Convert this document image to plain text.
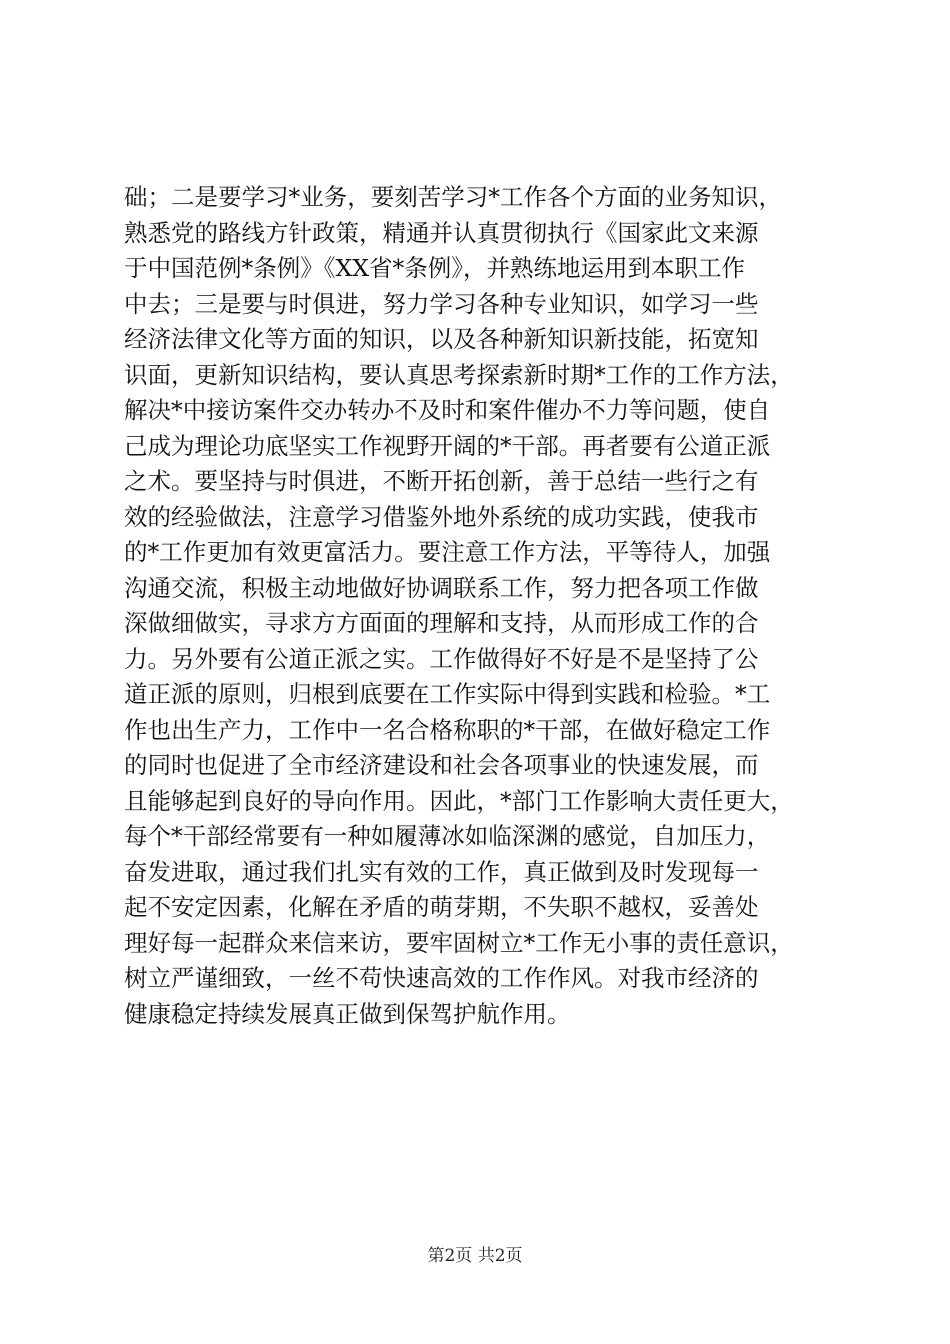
础；二是要学习*业务，要刻苦学习*工作各个方面的业务知识，
熟悉党的路线方针政策，精通并认真贯彻执行《国家此文来源
于中国范例*条例》《XX省*条例》，并熟练地运用到本职工作
中去；三是要与时俱进，努力学习各种专业知识，如学习一些
经济法律文化等方面的知识，以及各种新知识新技能，拓宽知
识面，更新知识结构，要认真思考探索新时期*工作的工作方法，
解决*中接访案件交办转办不及时和案件催办不力等问题，使自
己成为理论功底坚实工作视野开阔的*干部。再者要有公道正派
之术。要坚持与时俱进，不断开拓创新，善于总结一些行之有
效的经验做法，注意学习借鉴外地外系统的成功实践，使我市
的*工作更加有效更富活力。要注意工作方法，平等待人，加强
沟通交流，积极主动地做好协调联系工作，努力把各项工作做
深做细做实，寻求方方面面的理解和支持，从而形成工作的合
力。另外要有公道正派之实。工作做得好不好是不是坚持了公
道正派的原则，归根到底要在工作实际中得到实践和检验。*工
作也出生产力，工作中一名合格称职的*干部，在做好稳定工作
的同时也促进了全市经济建设和社会各项事业的快速发展，而
且能够起到良好的导向作用。因此，*部门工作影响大责任更大，
每个*干部经常要有一种如履薄冰如临深渊的感觉，自加压力，
奋发进取，通过我们扎实有效的工作，真正做到及时发现每一
起不安定因素，化解在矛盾的萌芽期，不失职不越权，妥善处
理好每一起群众来信来访，要牢固树立*工作无小事的责任意识，
树立严谨细致，一丝不苟快速高效的工作作风。对我市经济的
健康稳定持续发展真正做到保驾护航作用。
第2页 共2页
